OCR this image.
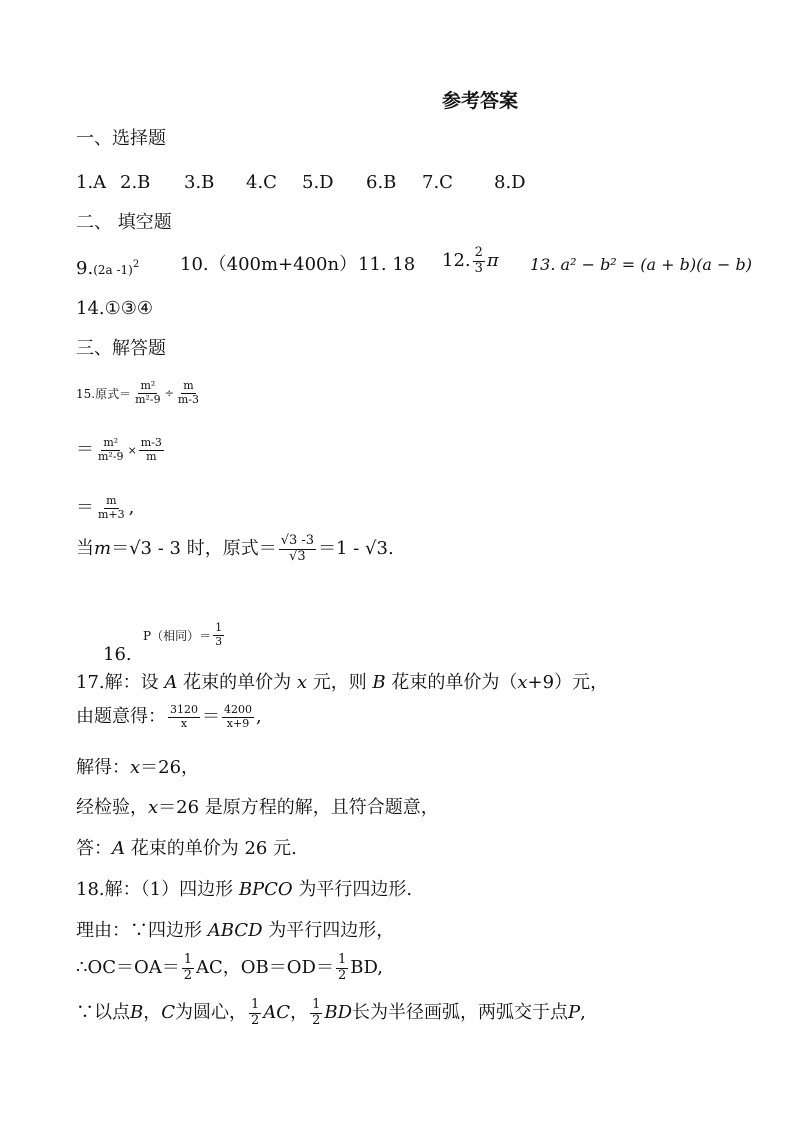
参考答案
一、选择题
1.A 2.B 3.B 4.C 5.D 6.B 7.C 8.D
二、 填空题
9.(2a -1)$^2$ 10.（400m+400n） 11. 18 12. $\frac{2}{3}$ π 13. a² − b² = (a + b)(a − b)
14.①③④
三、解答题
15.原式＝ $\frac{\text{m²}}{\text{m²-9}} \div \frac{m}{m-3}$
＝ $\frac{\text{m²}}{\text{m²-9}} \times \frac{m-3}{m}$
＝ $\frac{m}{m+3}$ ,
当 m ＝√3 - 3 时，原式＝ $\frac{√3 -3}{√3} =1 - √3$.
P（相同）＝ $\frac{1}{3}$
16.
17.解：设 A 花束的单价为 x 元，则 B 花束的单价为（x+9）元，
由题意得： $\frac{3120}{x} = \frac{4200}{x+9}$ ,
解得：x＝26，
经检验，x＝26 是原方程的解，且符合题意，
答：A 花束的单价为 26 元.
18.解：（1）四边形 BPCO 为平行四边形.
理由：∵四边形 ABCD 为平行四边形，
∴OC＝OA＝ $\frac{1}{2}$ AC，$OB=OD= \frac{1}{2}$ BD,
∵以点 B ， C 为圆心， $\frac{1}{2}$ AC ， $\frac{1}{2}$ BD 长为半径画弧，两弧交于点 P ,
